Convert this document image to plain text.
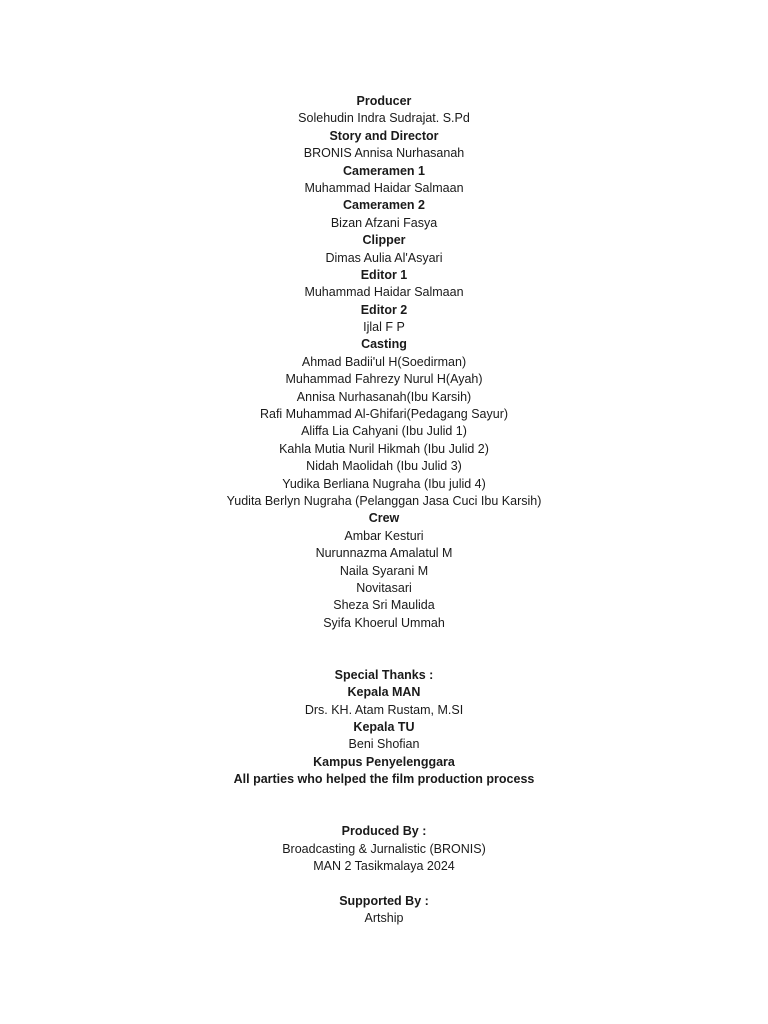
Producer
Solehudin Indra Sudrajat. S.Pd
Story and Director
BRONIS Annisa Nurhasanah
Cameramen 1
Muhammad Haidar Salmaan
Cameramen 2
Bizan Afzani Fasya
Clipper
Dimas Aulia Al'Asyari
Editor 1
Muhammad Haidar Salmaan
Editor 2
Ijlal F P
Casting
Ahmad Badii'ul H(Soedirman)
Muhammad Fahrezy Nurul H(Ayah)
Annisa Nurhasanah(Ibu Karsih)
Rafi Muhammad Al-Ghifari(Pedagang Sayur)
Aliffa Lia Cahyani (Ibu Julid 1)
Kahla Mutia Nuril Hikmah (Ibu Julid 2)
Nidah Maolidah (Ibu Julid 3)
Yudika Berliana Nugraha (Ibu julid 4)
Yudita Berlyn Nugraha (Pelanggan Jasa Cuci Ibu Karsih)
Crew
Ambar Kesturi
Nurunnazma Amalatul M
Naila Syarani M
Novitasari
Sheza Sri Maulida
Syifa Khoerul Ummah
Special Thanks :
Kepala MAN
Drs. KH. Atam Rustam, M.SI
Kepala TU
Beni Shofian
Kampus Penyelenggara
All parties who helped the film production process
Produced By :
Broadcasting & Jurnalistic (BRONIS)
MAN 2 Tasikmalaya 2024
Supported By :
Artship
